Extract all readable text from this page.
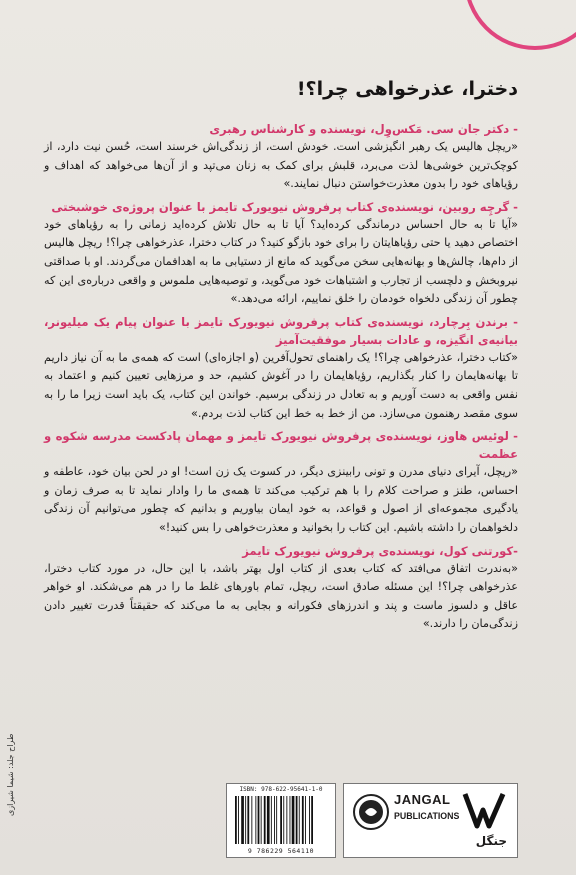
دخترا، عذرخواهی چرا؟!

- دکتر جان سی. مَکس‌وِل، نویسنده و کارشناس رهبری

«ریچل هالیس یک رهبر انگیزشی است. خودش است، از زندگی‌اش خرسند است، حُسن نیت دارد، از کوچک‌ترین خوشی‌ها لذت می‌برد، قلبش برای کمک به زنان می‌تپد و از آن‌ها می‌خواهد که اهداف و رؤیاهای خود را بدون معذرت‌خواستن دنبال نمایند.»

- گرچِه روبین، نویسنده‌ی کتاب پرفروش نیویورک تایمز با عنوان پروژه‌ی خوشبختی

«آیا تا به حال احساس درماندگی کرده‌اید؟ آیا تا به حال تلاش کرده‌اید زمانی را به رؤیاهای خود اختصاص دهید یا حتی رؤیاهایتان را برای خود بازگو کنید؟ در کتاب دخترا، عذرخواهی چرا؟! ریچل هالیس از دام‌ها، چالش‌ها و بهانه‌هایی سخن می‌گوید که مانع از دستیابی ما به اهدافمان می‌گردند. او با صداقتی نیروبخش و دلچسب از تجارب و اشتباهات خود می‌گوید، و توصیه‌هایی ملموس و واقعی درباره‌ی این که چطور آن زندگی دلخواه خودمان را خلق نماییم، ارائه می‌دهد.»

- برندن بِرچارد، نویسنده‌ی کتاب پرفروش نیویورک تایمز با عنوان پیام یک میلیونر، بیانیه‌ی انگیزه، و عادات بسیار موفقیت‌آمیز

«کتاب دخترا، عذرخواهی چرا؟! یک راهنمای تحول‌آفرین (و اجازه‌ای) است که همه‌ی ما به آن نیاز داریم تا بهانه‌هایمان را کنار بگذاریم، رؤیاهایمان را در آغوش کشیم، حد و مرزهایی تعیین کنیم و اعتماد به نفس واقعی به دست آوریم و به تعادل در زندگی برسیم. خواندن این کتاب، یک باید است زیرا ما را به سوی مقصد رهنمون می‌سازد. من از خط به خط این کتاب لذت بردم.»

- لوئیس هاوز، نویسنده‌ی پرفروش نیویورک تایمز و مهمان پادکست مدرسه شکوه و عظمت

«ریچل، آیرای دنیای مدرن و تونی رابینزی دیگر، در کسوت یک زن است! او در لحن بیان خود، عاطفه و احساس، طنز و صراحت کلام را با هم ترکیب می‌کند تا همه‌ی ما را وادار نماید تا به صرف زمان و یادگیری مجموعه‌ای از اصول و قواعد، به خود ایمان بیاوریم و بدانیم که چطور می‌توانیم آن زندگی دلخواهمان را داشته باشیم. این کتاب را بخوانید و معذرت‌خواهی را بس کنید!»

-کورتنی کول، نویسنده‌ی پرفروش نیویورک تایمز

«به‌ندرت اتفاق می‌افتد که کتاب بعدی از کتاب اول بهتر باشد، با این حال، در مورد کتاب دخترا، عذرخواهی چرا؟! این مسئله صادق است، ریچل، تمام باورهای غلط ما را در هم می‌شکند. او خواهر عاقل و دلسوز ماست و پند و اندرزهای فکورانه و بجایی به ما می‌کند که حقیقتاً قدرت تغییر دادن زندگی‌مان را دارند.»

طراح جلد: شیما شیرازی	ISBN: 978-622-95641-1-0
9 786229 564110
JANGAL
PUBLICATIONS
جنگل
